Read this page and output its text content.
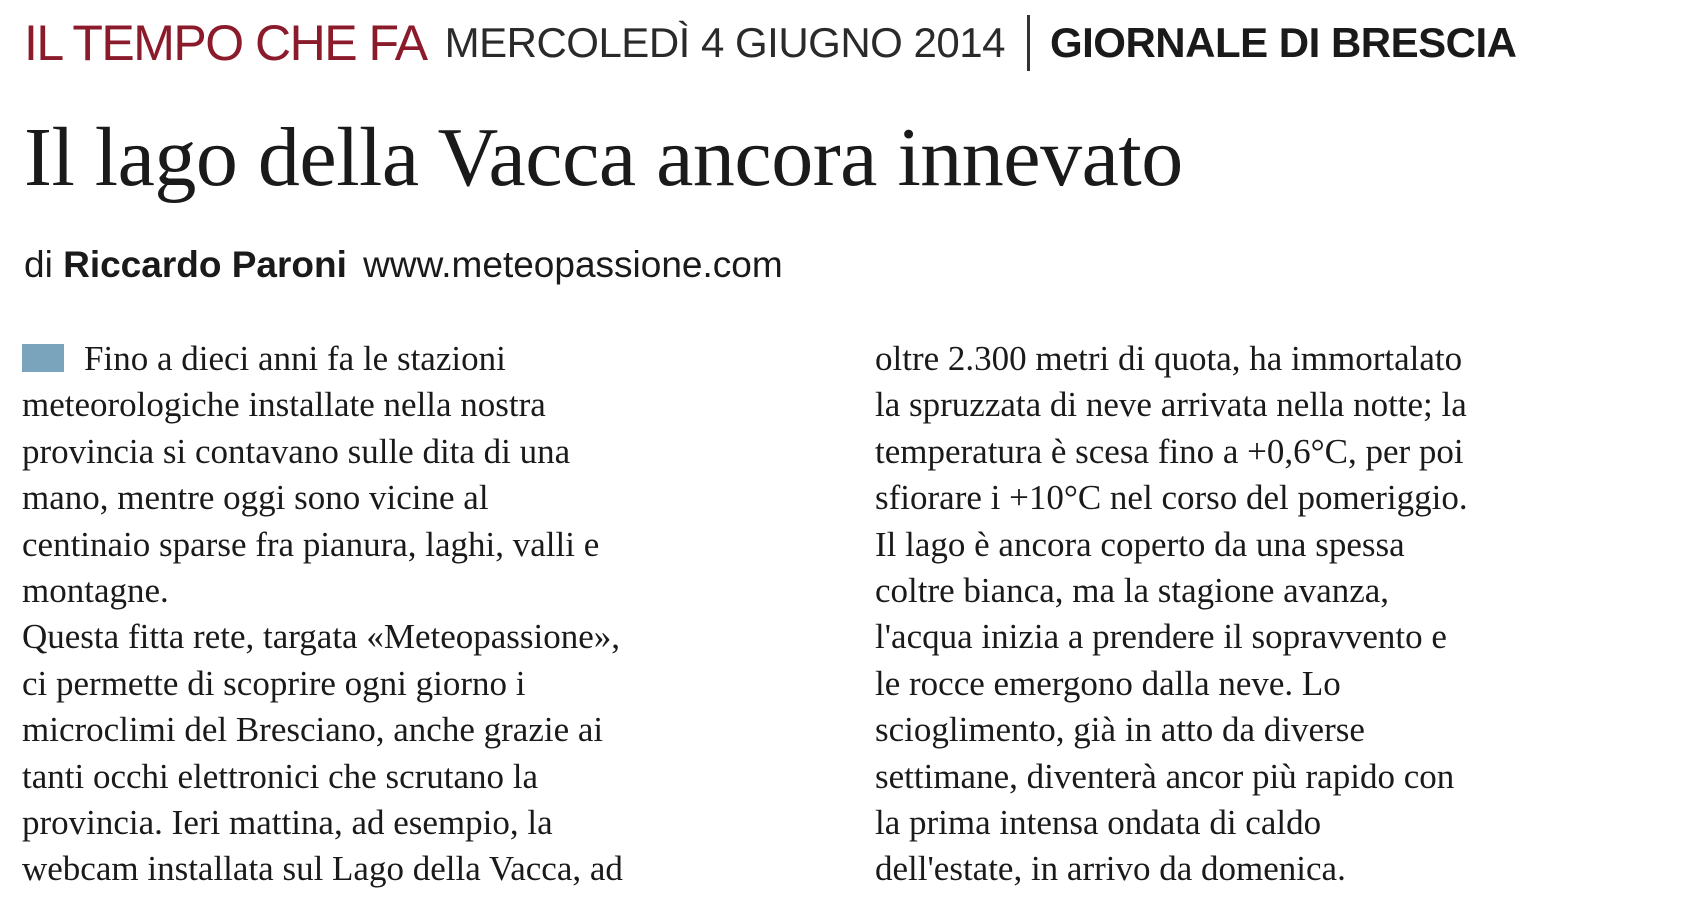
IL TEMPO CHE FA MERCOLEDÌ 4 GIUGNO 2014 GIORNALE DI BRESCIA
Il lago della Vacca ancora innevato
di Riccardo Paroni www.meteopassione.com
Fino a dieci anni fa le stazioni
meteorologiche installate nella nostra
provincia si contavano sulle dita di una
mano, mentre oggi sono vicine al
centinaio sparse fra pianura, laghi, valli e
montagne.
Questa fitta rete, targata «Meteopassione»,
ci permette di scoprire ogni giorno i
microclimi del Bresciano, anche grazie ai
tanti occhi elettronici che scrutano la
provincia. Ieri mattina, ad esempio, la
webcam installata sul Lago della Vacca, ad
oltre 2.300 metri di quota, ha immortalato
la spruzzata di neve arrivata nella notte; la
temperatura è scesa fino a +0,6°C, per poi
sfiorare i +10°C nel corso del pomeriggio.
Il lago è ancora coperto da una spessa
coltre bianca, ma la stagione avanza,
l'acqua inizia a prendere il sopravvento e
le rocce emergono dalla neve. Lo
scioglimento, già in atto da diverse
settimane, diventerà ancor più rapido con
la prima intensa ondata di caldo
dell'estate, in arrivo da domenica.
